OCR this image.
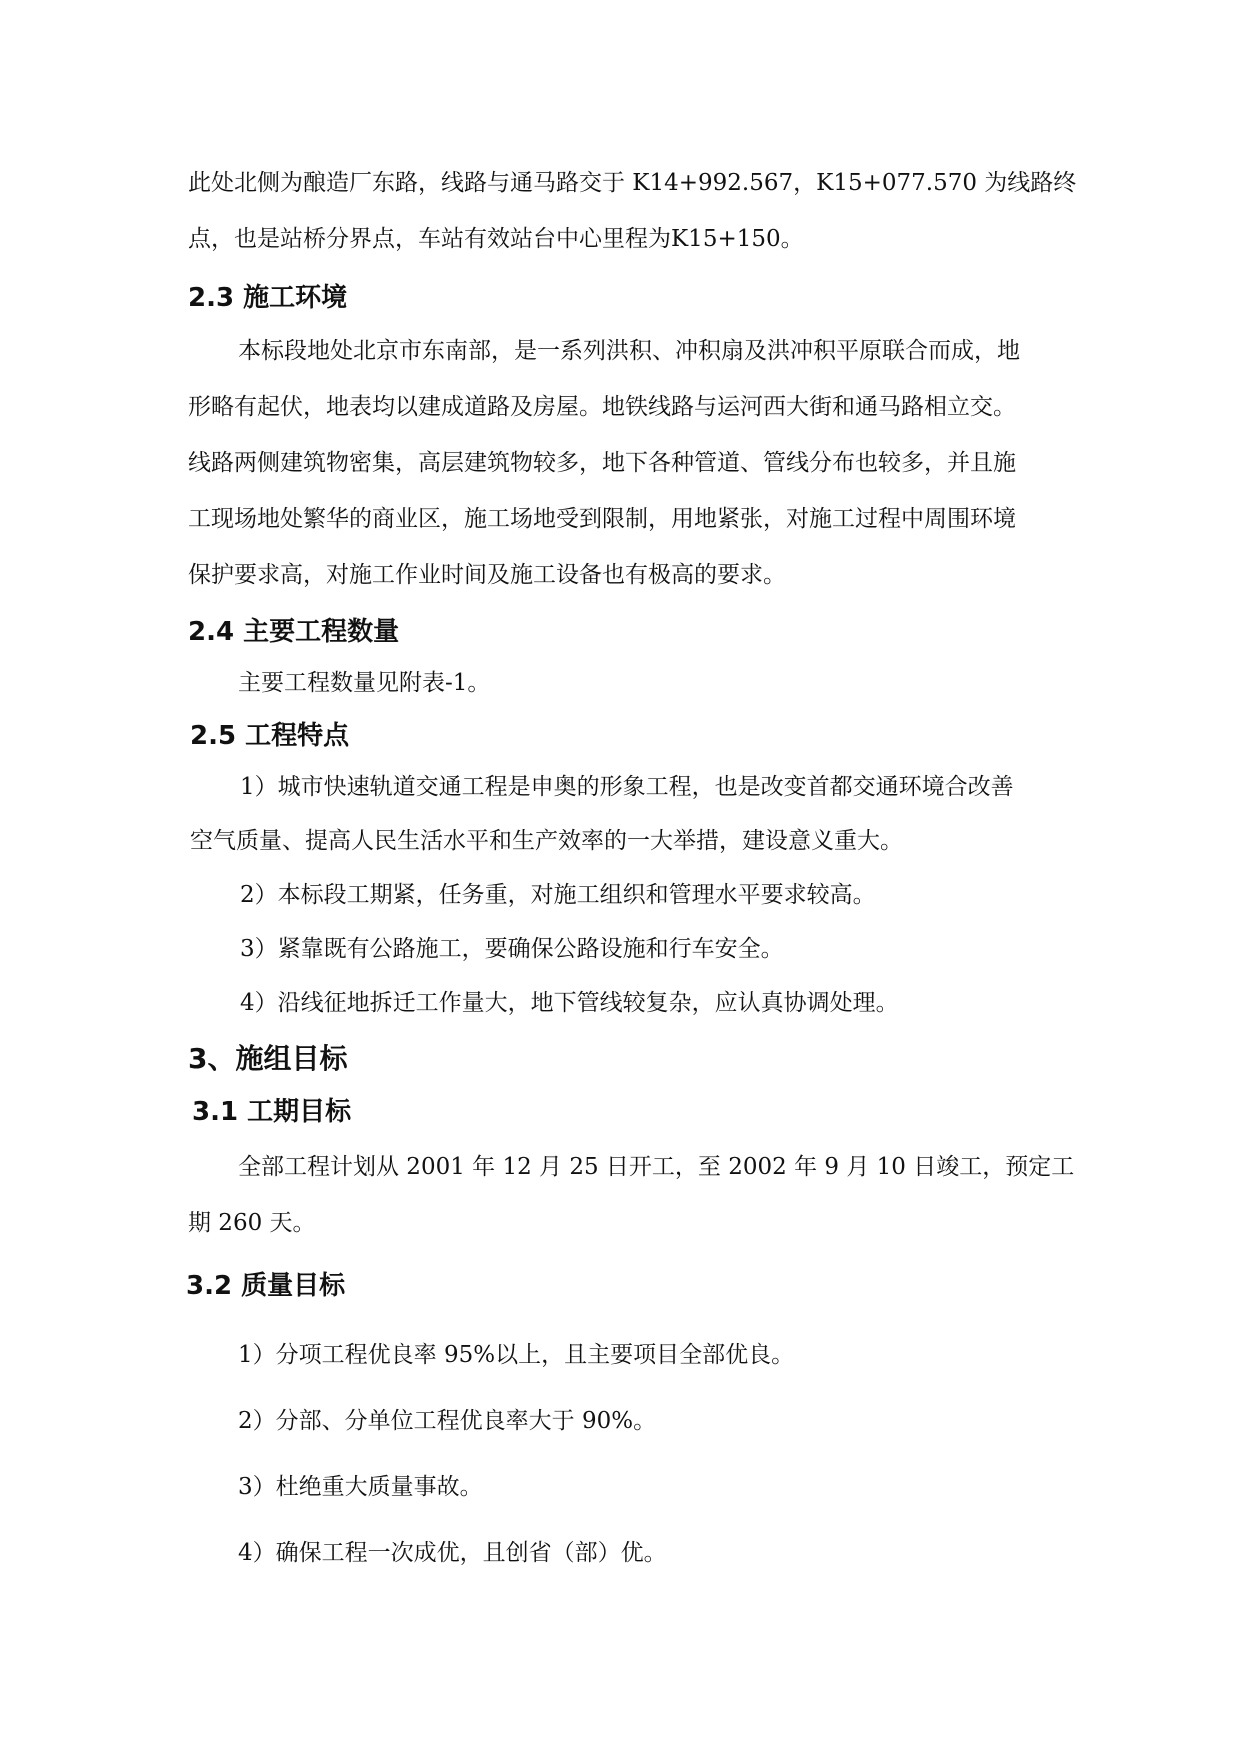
此处北侧为酿造厂东路，线路与通马路交于 K14+992.567，K15+077.570 为线路终
点，也是站桥分界点，车站有效站台中心里程为K15+150。
2.3 施工环境
本标段地处北京市东南部，是一系列洪积、冲积扇及洪冲积平原联合而成，地
形略有起伏，地表均以建成道路及房屋。地铁线路与运河西大街和通马路相立交。
线路两侧建筑物密集，高层建筑物较多，地下各种管道、管线分布也较多，并且施
工现场地处繁华的商业区，施工场地受到限制，用地紧张，对施工过程中周围环境
保护要求高，对施工作业时间及施工设备也有极高的要求。
2.4 主要工程数量
主要工程数量见附表-1。
2.5 工程特点
1）城市快速轨道交通工程是申奥的形象工程，也是改变首都交通环境合改善
空气质量、提高人民生活水平和生产效率的一大举措，建设意义重大。
2）本标段工期紧，任务重，对施工组织和管理水平要求较高。
3）紧靠既有公路施工，要确保公路设施和行车安全。
4）沿线征地拆迁工作量大，地下管线较复杂，应认真协调处理。
3、施组目标
3.1 工期目标
全部工程计划从 2001 年 12 月 25 日开工，至 2002 年 9 月 10 日竣工，预定工
期 260 天。
3.2 质量目标
1）分项工程优良率 95%以上，且主要项目全部优良。
2）分部、分单位工程优良率大于 90%。
3）杜绝重大质量事故。
4）确保工程一次成优，且创省（部）优。
